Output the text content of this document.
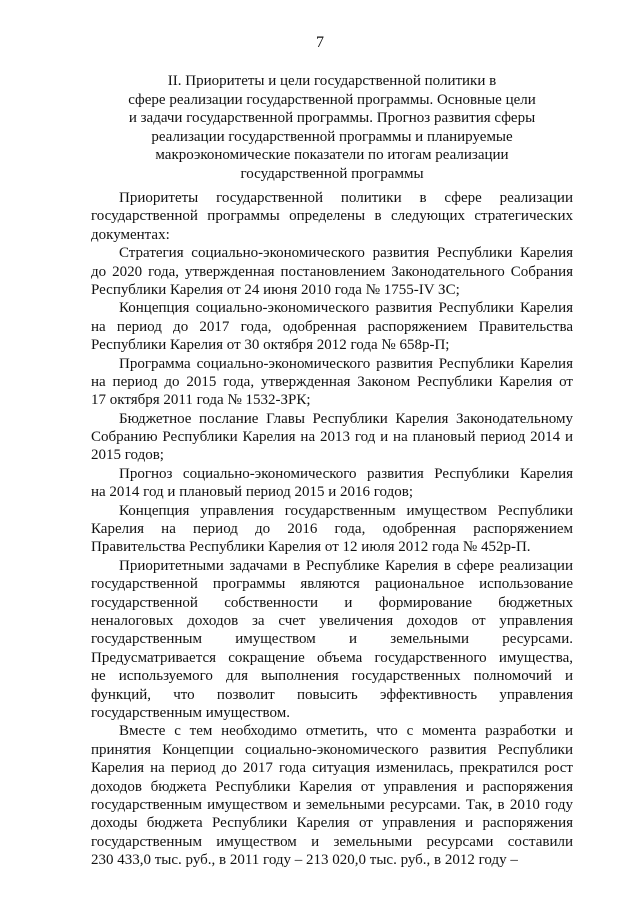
7
II. Приоритеты и цели государственной политики в
сфере реализации государственной программы. Основные цели
и задачи государственной программы. Прогноз развития сферы
реализации государственной программы и планируемые
макроэкономические показатели по итогам реализации
государственной программы
Приоритеты государственной политики в сфере реализации
государственной программы определены в следующих стратегических
документах:
Стратегия социально-экономического развития Республики Карелия
до 2020 года, утвержденная постановлением Законодательного Собрания
Республики Карелия от 24 июня 2010 года № 1755-IV ЗС;
Концепция социально-экономического развития Республики Карелия
на период до 2017 года, одобренная распоряжением Правительства
Республики Карелия от 30 октября 2012 года № 658р-П;
Программа социально-экономического развития Республики Карелия
на период до 2015 года, утвержденная Законом Республики Карелия от
17 октября 2011 года № 1532-ЗРК;
Бюджетное послание Главы Республики Карелия Законодательному
Собранию Республики Карелия на 2013 год и на плановый период 2014 и
2015 годов;
Прогноз социально-экономического развития Республики Карелия
на 2014 год и плановый период 2015 и 2016 годов;
Концепция управления государственным имуществом Республики
Карелия на период до 2016 года, одобренная распоряжением
Правительства Республики Карелия от 12 июля 2012 года № 452р-П.
Приоритетными задачами в Республике Карелия в сфере реализации
государственной программы являются рациональное использование
государственной собственности и формирование бюджетных
неналоговых доходов за счет увеличения доходов от управления
государственным имуществом и земельными ресурсами.
Предусматривается сокращение объема государственного имущества,
не используемого для выполнения государственных полномочий и
функций, что позволит повысить эффективность управления
государственным имуществом.
Вместе с тем необходимо отметить, что с момента разработки и
принятия Концепции социально-экономического развития Республики
Карелия на период до 2017 года ситуация изменилась, прекратился рост
доходов бюджета Республики Карелия от управления и распоряжения
государственным имуществом и земельными ресурсами. Так, в 2010 году
доходы бюджета Республики Карелия от управления и распоряжения
государственным имуществом и земельными ресурсами составили
230 433,0 тыс. руб., в 2011 году – 213 020,0 тыс. руб., в 2012 году –
